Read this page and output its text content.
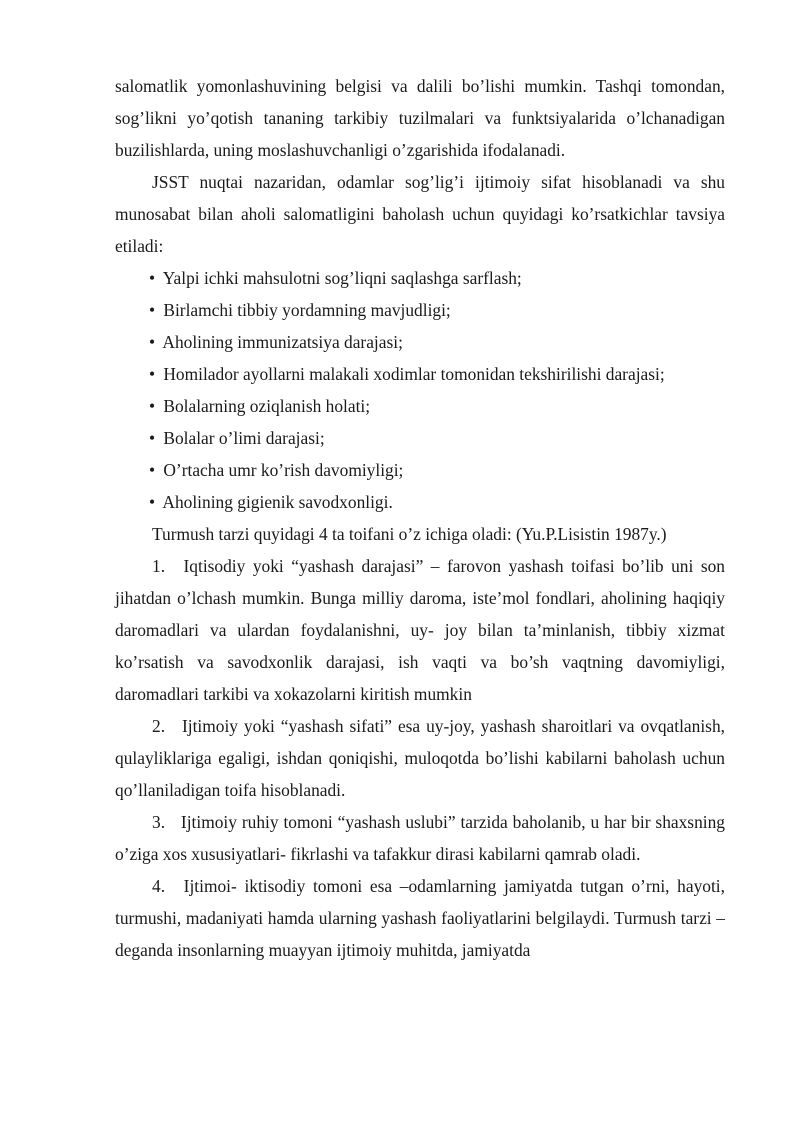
salomatlik yomonlashuvining belgisi va dalili bo’lishi mumkin. Tashqi tomondan, sog’likni yo’qotish tananing tarkibiy tuzilmalari va funktsiyalarida o’lchanadigan buzilishlarda, uning moslashuvchanligi o’zgarishida ifodalanadi.

JSST nuqtai nazaridan, odamlar sog’lig’i ijtimoiy sifat hisoblanadi va shu munosabat bilan aholi salomatligini baholash uchun quyidagi ko’rsatkichlar tavsiya etiladi:

• Yalpi ichki mahsulotni sog’liqni saqlashga sarflash;
• Birlamchi tibbiy yordamning mavjudligi;
• Aholining immunizatsiya darajasi;
• Homilador ayollarni malakali xodimlar tomonidan tekshirilishi darajasi;
• Bolalarning oziqlanish holati;
• Bolalar o’limi darajasi;
• O’rtacha umr ko’rish davomiyligi;
• Aholining gigienik savodxonligi.

Turmush tarzi quyidagi 4 ta toifani o’z ichiga oladi: (Yu.P.Lisistin 1987y.)

1. Iqtisodiy yoki “yashash darajasi” – farovon yashash toifasi bo’lib uni son jihatdan o’lchash mumkin. Bunga milliy daroma, iste’mol fondlari, aholining haqiqiy daromadlari va ulardan foydalanishni, uy- joy bilan ta’minlanish, tibbiy xizmat ko’rsatish va savodxonlik darajasi, ish vaqti va bo’sh vaqtning davomiyligi, daromadlari tarkibi va xokazolarni kiritish mumkin

2. Ijtimoiy yoki “yashash sifati” esa uy-joy, yashash sharoitlari va ovqatlanish, qulayliklariga egaligi, ishdan qoniqishi, muloqotda bo’lishi kabilarni baholash uchun qo’llaniladigan toifa hisoblanadi.

3. Ijtimoiy ruhiy tomoni “yashash uslubi” tarzida baholanib, u har bir shaxsning o’ziga xos xususiyatlari- fikrlashi va tafakkur dirasi kabilarni qamrab oladi.

4. Ijtimoi- iktisodiy tomoni esa –odamlarning jamiyatda tutgan o’rni, hayoti, turmushi, madaniyati hamda ularning yashash faoliyatlarini belgilaydi. Turmush tarzi – deganda insonlarning muayyan ijtimoiy muhitda, jamiyatda
